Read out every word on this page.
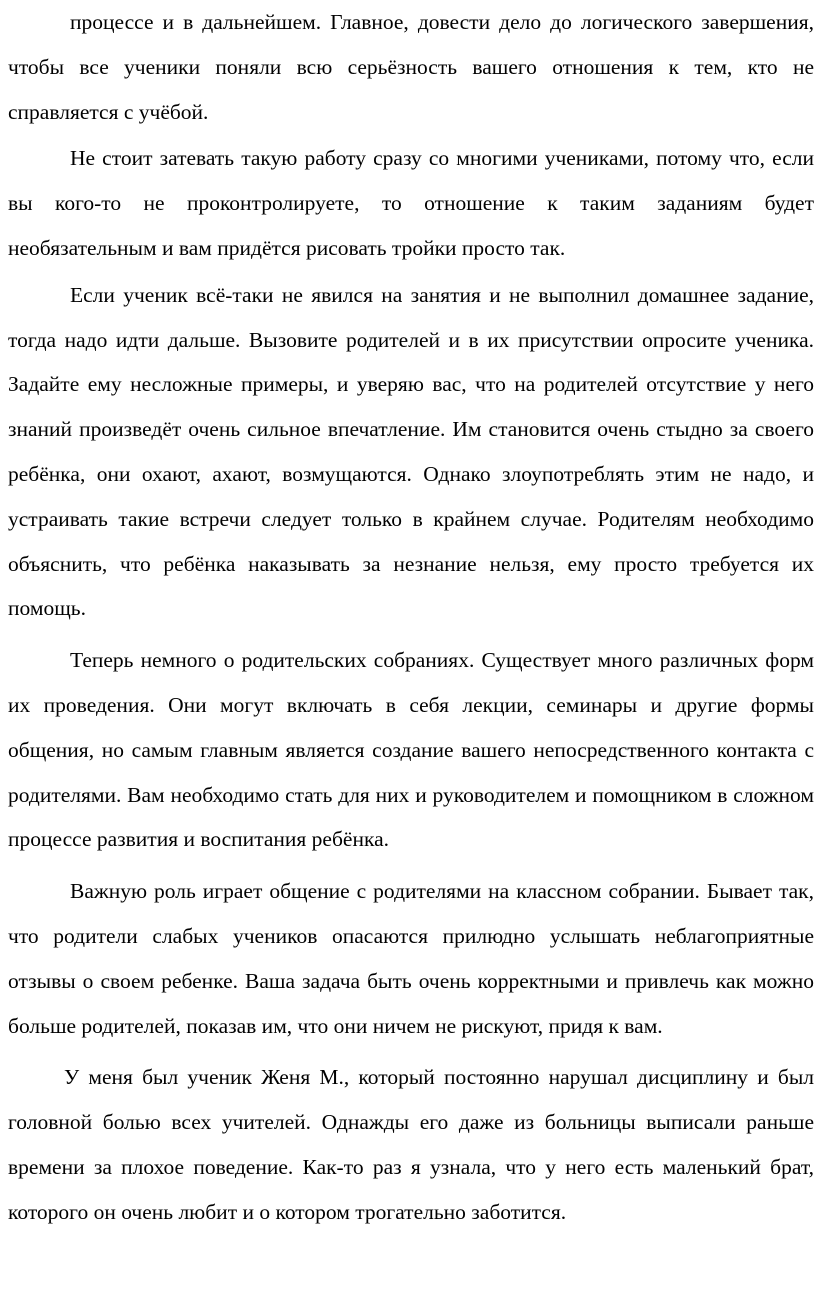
процессе и в дальнейшем. Главное, довести дело до логического завершения, чтобы все ученики поняли всю серьёзность вашего отношения к тем, кто не справляется с учёбой.

Не стоит затевать такую работу сразу со многими учениками, потому что, если вы кого-то не проконтролируете, то отношение к таким заданиям будет необязательным и вам придётся рисовать тройки просто так.

Если ученик всё-таки не явился на занятия и не выполнил домашнее задание, тогда надо идти дальше. Вызовите родителей и в их присутствии опросите ученика. Задайте ему несложные примеры, и уверяю вас, что на родителей отсутствие у него знаний произведёт очень сильное впечатление. Им становится очень стыдно за своего ребёнка, они охают, ахают, возмущаются. Однако злоупотреблять этим не надо, и устраивать такие встречи следует только в крайнем случае. Родителям необходимо объяснить, что ребёнка наказывать за незнание нельзя, ему просто требуется их помощь.

Теперь немного о родительских собраниях. Существует много различных форм их проведения. Они могут включать в себя лекции, семинары и другие формы общения, но самым главным является создание вашего непосредственного контакта с родителями. Вам необходимо стать для них и руководителем и помощником в сложном процессе развития и воспитания ребёнка.

Важную роль играет общение с родителями на классном собрании. Бывает так, что родители слабых учеников опасаются прилюдно услышать неблагоприятные отзывы о своем ребенке. Ваша задача быть очень корректными и привлечь как можно больше родителей, показав им, что они ничем не рискуют, придя к вам.

У меня был ученик Женя М., который постоянно нарушал дисциплину и был головной болью всех учителей. Однажды его даже из больницы выписали раньше времени за плохое поведение. Как-то раз я узнала, что у него есть маленький брат, которого он очень любит и о котором трогательно заботится.
